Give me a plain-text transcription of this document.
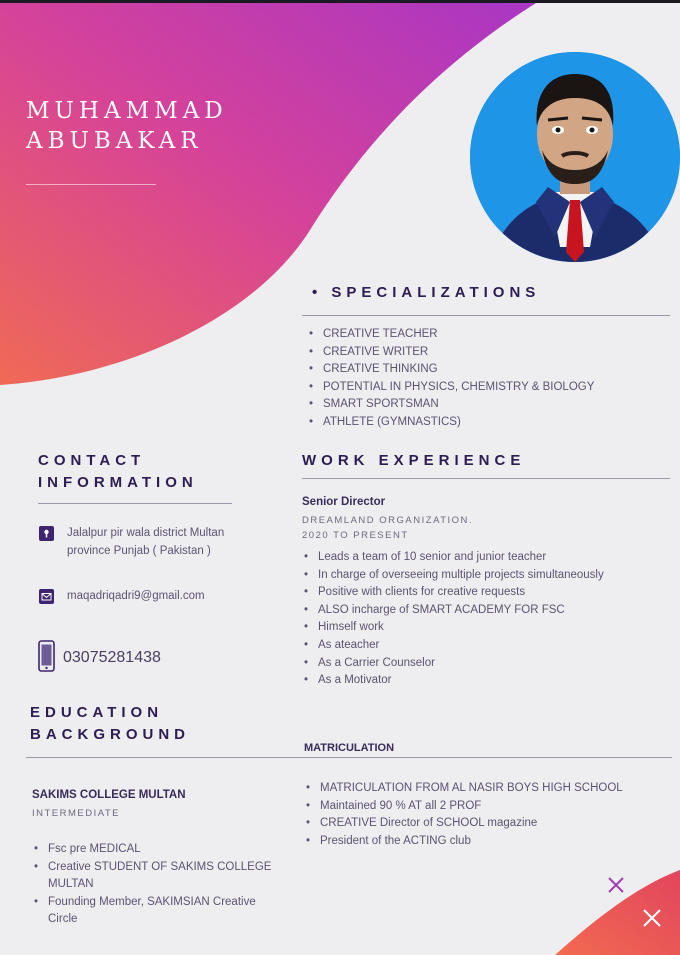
MUHAMMAD
ABUBAKAR
• SPECIALIZATIONS
• CREATIVE TEACHER
• CREATIVE WRITER
• CREATIVE THINKING
• POTENTIAL IN PHYSICS, CHEMISTRY & BIOLOGY
• SMART SPORTSMAN
• ATHLETE (GYMNASTICS)
CONTACT
INFORMATION
Jalalpur pir wala district Multan
province Punjab ( Pakistan )
maqadriqadri9@gmail.com
03075281438
WORK EXPERIENCE
Senior Director
DREAMLAND ORGANIZATION.
2020 TO PRESENT
• Leads a team of 10 senior and junior teacher
• In charge of overseeing multiple projects simultaneously
• Positive with clients for creative requests
• ALSO incharge of SMART ACADEMY FOR FSC
• Himself work
• As ateacher
• As a Carrier Counselor
• As a Motivator
EDUCATION
BACKGROUND
MATRICULATION
SAKIMS COLLEGE MULTAN
INTERMEDIATE
• Fsc pre MEDICAL
• Creative STUDENT OF SAKIMS COLLEGE MULTAN
• Founding Member, SAKIMSIAN Creative Circle
• MATRICULATION FROM AL NASIR BOYS HIGH SCHOOL
• Maintained 90 % AT all 2 PROF
• CREATIVE Director of SCHOOL magazine
• President of the ACTING club
